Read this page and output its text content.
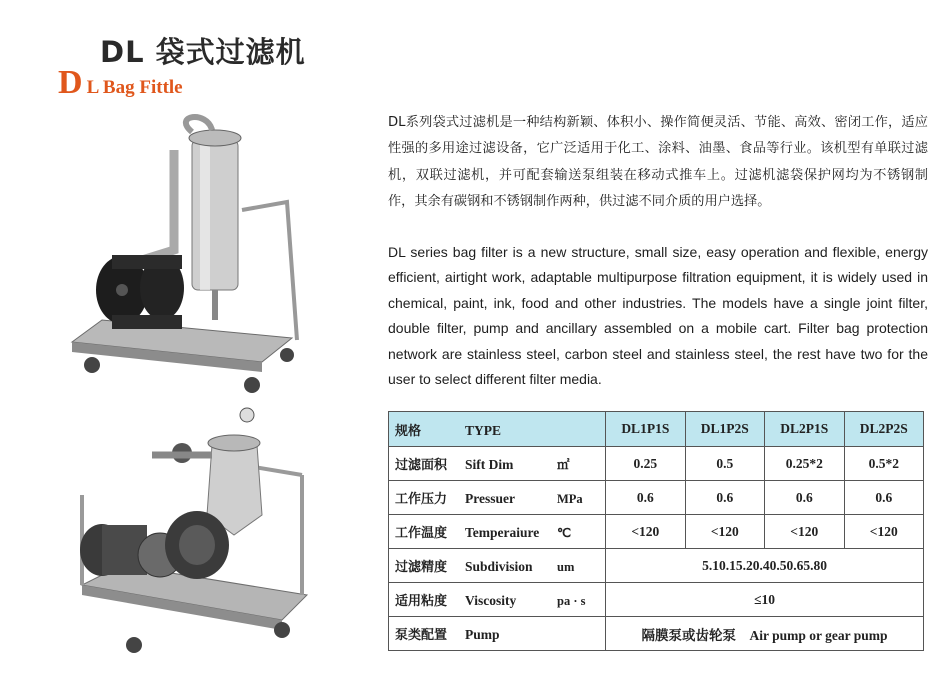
DL 袋式过滤机
D L Bag Fittle
DL系列袋式过滤机是一种结构新颖、体积小、操作简便灵活、节能、高效、密闭工作，适应性强的多用途过滤设备，它广泛适用于化工、涂料、油墨、食品等行业。该机型有单联过滤机，双联过滤机，并可配套输送泵组装在移动式推车上。过滤机滤袋保护网均为不锈钢制作，其余有碳钢和不锈钢制作两种，供过滤不同介质的用户选择。
DL series bag filter is a new structure, small size, easy operation and flexible, energy efficient, airtight work, adaptable multipurpose filtration equipment, it is widely used in chemical, paint, ink, food and other industries. The models have a single joint filter, double filter, pump and ancillary assembled on a mobile cart. Filter bag protection network are stainless steel, carbon steel and stainless steel, the rest have two for the user to select different filter media.
规格 TYPE	DL1P1S	DL1P2S	DL2P1S	DL2P2S
过滤面积 Sift Dim ㎡	0.25	0.5	0.25*2	0.5*2
工作压力 Pressuer MPa	0.6	0.6	0.6	0.6
工作温度 Temperaiure ℃	<120	<120	<120	<120
过滤精度 Subdivision um	5.10.15.20.40.50.65.80			
适用粘度 Viscosity pa · s	≤10			
泵类配置 Pump	隔膜泵或齿轮泵　Air pump or gear pump			
